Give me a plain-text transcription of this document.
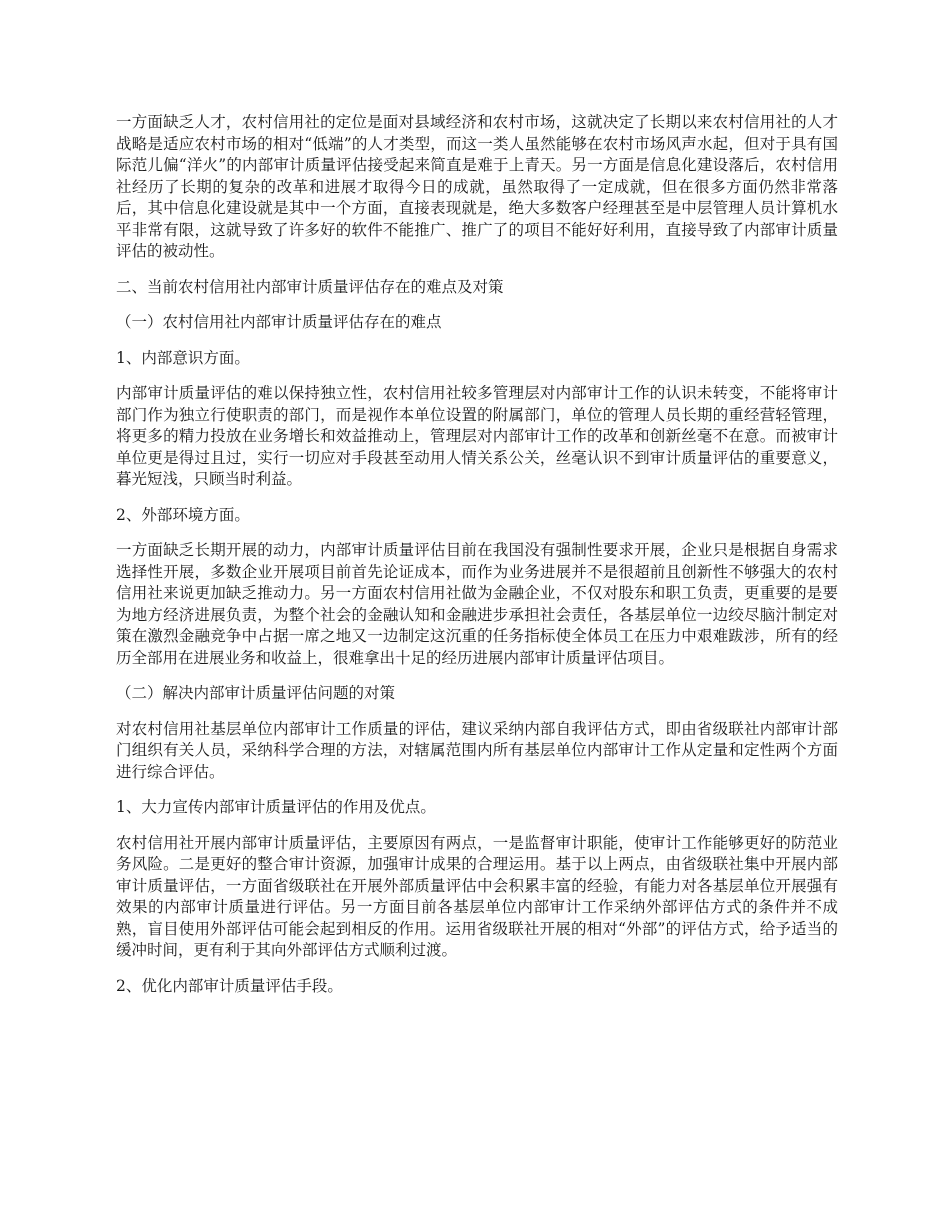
一方面缺乏人才，农村信用社的定位是面对县域经济和农村市场，这就决定了长期以来农村信用社的人才战略是适应农村市场的相对“低端”的人才类型，而这一类人虽然能够在农村市场风声水起，但对于具有国际范儿偏“洋火”的内部审计质量评估接受起来简直是难于上青天。另一方面是信息化建设落后，农村信用社经历了长期的复杂的改革和进展才取得今日的成就，虽然取得了一定成就，但在很多方面仍然非常落后，其中信息化建设就是其中一个方面，直接表现就是，绝大多数客户经理甚至是中层管理人员计算机水平非常有限，这就导致了许多好的软件不能推广、推广了的项目不能好好利用，直接导致了内部审计质量评估的被动性。

二、当前农村信用社内部审计质量评估存在的难点及对策

（一）农村信用社内部审计质量评估存在的难点

1、内部意识方面。

内部审计质量评估的难以保持独立性，农村信用社较多管理层对内部审计工作的认识未转变，不能将审计部门作为独立行使职责的部门，而是视作本单位设置的附属部门，单位的管理人员长期的重经营轻管理，将更多的精力投放在业务增长和效益推动上，管理层对内部审计工作的改革和创新丝毫不在意。而被审计单位更是得过且过，实行一切应对手段甚至动用人情关系公关，丝毫认识不到审计质量评估的重要意义，暮光短浅，只顾当时利益。

2、外部环境方面。

一方面缺乏长期开展的动力，内部审计质量评估目前在我国没有强制性要求开展，企业只是根据自身需求选择性开展，多数企业开展项目前首先论证成本，而作为业务进展并不是很超前且创新性不够强大的农村信用社来说更加缺乏推动力。另一方面农村信用社做为金融企业，不仅对股东和职工负责，更重要的是要为地方经济进展负责，为整个社会的金融认知和金融进步承担社会责任，各基层单位一边绞尽脑汁制定对策在激烈金融竞争中占据一席之地又一边制定这沉重的任务指标使全体员工在压力中艰难跋涉，所有的经历全部用在进展业务和收益上，很难拿出十足的经历进展内部审计质量评估项目。

（二）解决内部审计质量评估问题的对策

对农村信用社基层单位内部审计工作质量的评估，建议采纳内部自我评估方式，即由省级联社内部审计部门组织有关人员，采纳科学合理的方法，对辖属范围内所有基层单位内部审计工作从定量和定性两个方面进行综合评估。

1、大力宣传内部审计质量评估的作用及优点。

农村信用社开展内部审计质量评估，主要原因有两点，一是监督审计职能，使审计工作能够更好的防范业务风险。二是更好的整合审计资源，加强审计成果的合理运用。基于以上两点，由省级联社集中开展内部审计质量评估，一方面省级联社在开展外部质量评估中会积累丰富的经验，有能力对各基层单位开展强有效果的内部审计质量进行评估。另一方面目前各基层单位内部审计工作采纳外部评估方式的条件并不成熟，盲目使用外部评估可能会起到相反的作用。运用省级联社开展的相对“外部”的评估方式，给予适当的缓冲时间，更有利于其向外部评估方式顺利过渡。

2、优化内部审计质量评估手段。
